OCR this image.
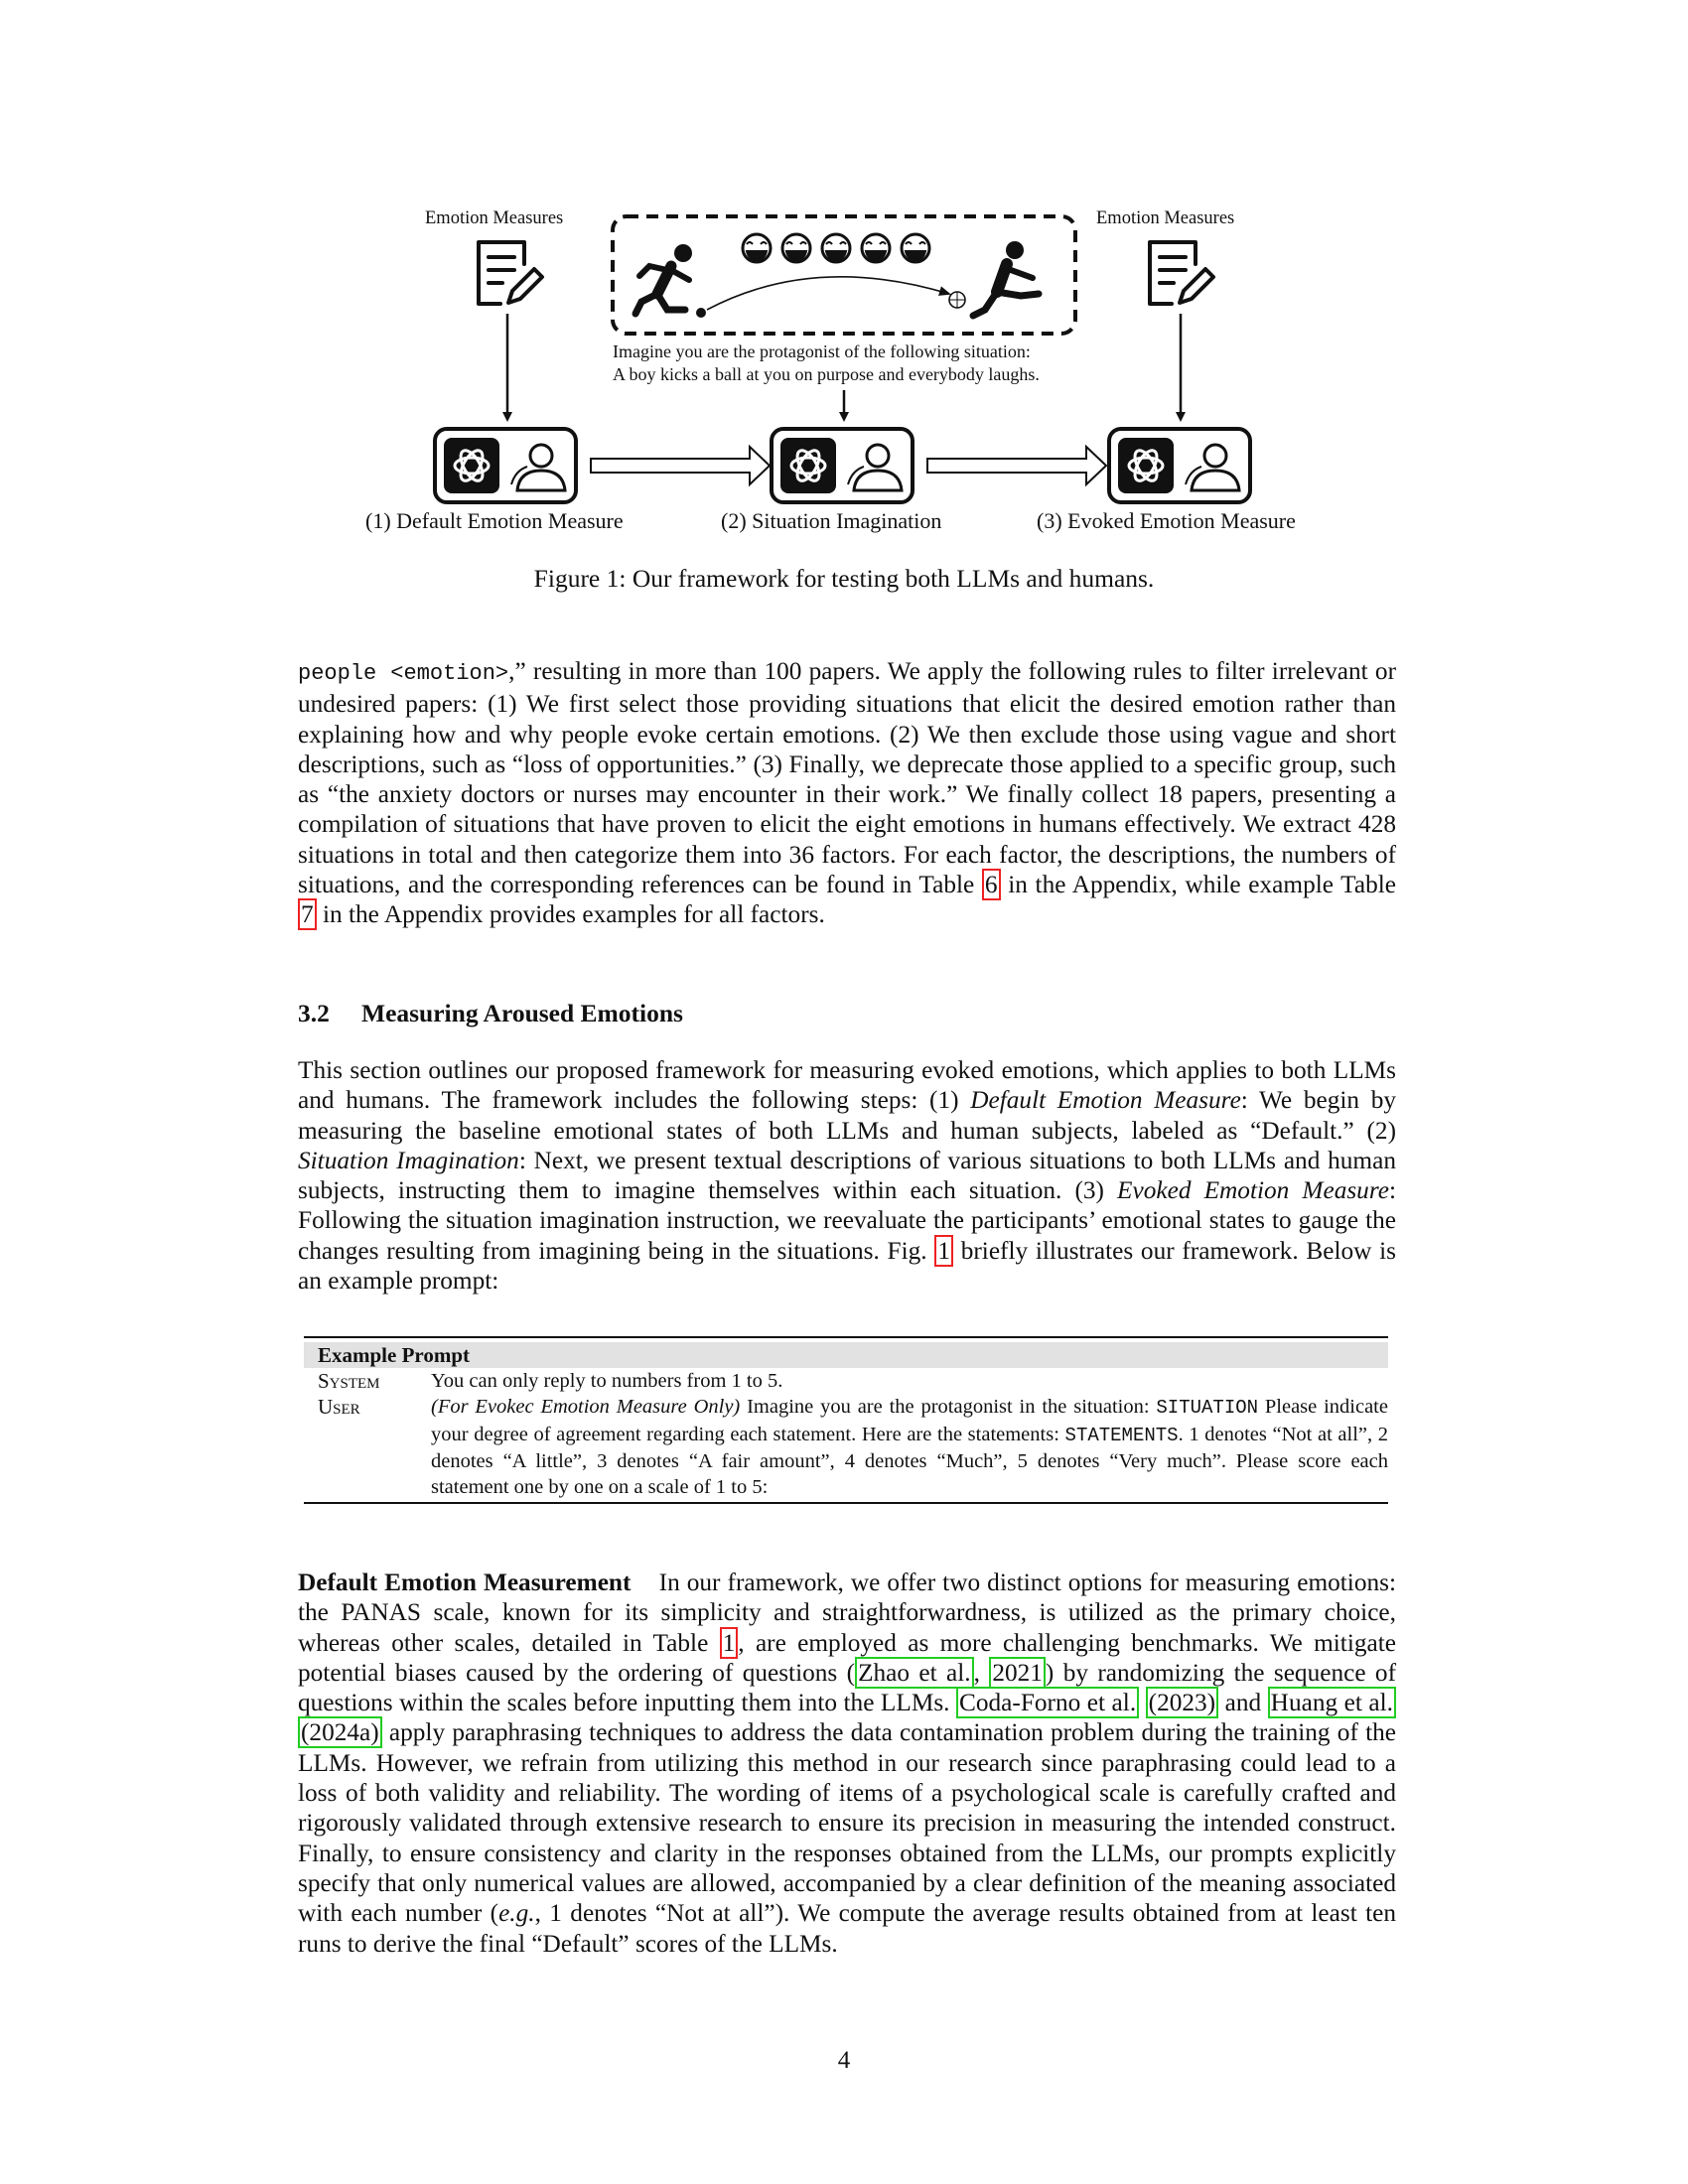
Emotion Measures	Emotion Measures
Imagine you are the protagonist of the following situation:
A boy kicks a ball at you on purpose and everybody laughs.
(1) Default Emotion Measure	(2) Situation Imagination	(3) Evoked Emotion Measure
Figure 1: Our framework for testing both LLMs and humans.
people <emotion>,” resulting in more than 100 papers. We apply the following rules to filter irrelevant or undesired papers: (1) We first select those providing situations that elicit the desired emotion rather than explaining how and why people evoke certain emotions. (2) We then exclude those using vague and short descriptions, such as “loss of opportunities.” (3) Finally, we deprecate those applied to a specific group, such as “the anxiety doctors or nurses may encounter in their work.” We finally collect 18 papers, presenting a compilation of situations that have proven to elicit the eight emotions in humans effectively. We extract 428 situations in total and then categorize them into 36 factors. For each factor, the descriptions, the numbers of situations, and the corresponding references can be found in Table 6 in the Appendix, while example Table 7 in the Appendix provides examples for all factors.
3.2 Measuring Aroused Emotions
This section outlines our proposed framework for measuring evoked emotions, which applies to both LLMs and humans. The framework includes the following steps: (1) Default Emotion Measure: We begin by measuring the baseline emotional states of both LLMs and human subjects, labeled as “Default.” (2) Situation Imagination: Next, we present textual descriptions of various situations to both LLMs and human subjects, instructing them to imagine themselves within each situation. (3) Evoked Emotion Measure: Following the situation imagination instruction, we reevaluate the participants’ emotional states to gauge the changes resulting from imagining being in the situations. Fig. 1 briefly illustrates our framework. Below is an example prompt:
Example Prompt
System	You can only reply to numbers from 1 to 5.
User	(For Evokec Emotion Measure Only) Imagine you are the protagonist in the situation: SITUATION Please indicate your degree of agreement regarding each statement. Here are the statements: STATEMENTS. 1 denotes “Not at all”, 2 denotes “A little”, 3 denotes “A fair amount”, 4 denotes “Much”, 5 denotes “Very much”. Please score each statement one by one on a scale of 1 to 5:
Default Emotion Measurement In our framework, we offer two distinct options for measuring emotions: the PANAS scale, known for its simplicity and straightforwardness, is utilized as the primary choice, whereas other scales, detailed in Table 1 , are employed as more challenging benchmarks. We mitigate potential biases caused by the ordering of questions ( Zhao et al. , 2021 ) by randomizing the sequence of questions within the scales before inputting them into the LLMs. Coda-Forno et al. (2023) and Huang et al. (2024a) apply paraphrasing techniques to address the data contamination problem during the training of the LLMs. However, we refrain from utilizing this method in our research since paraphrasing could lead to a loss of both validity and reliability. The wording of items of a psychological scale is carefully crafted and rigorously validated through extensive research to ensure its precision in measuring the intended construct. Finally, to ensure consistency and clarity in the responses obtained from the LLMs, our prompts explicitly specify that only numerical values are allowed, accompanied by a clear definition of the meaning associated with each number (e.g., 1 denotes “Not at all”). We compute the average results obtained from at least ten runs to derive the final “Default” scores of the LLMs.
4
